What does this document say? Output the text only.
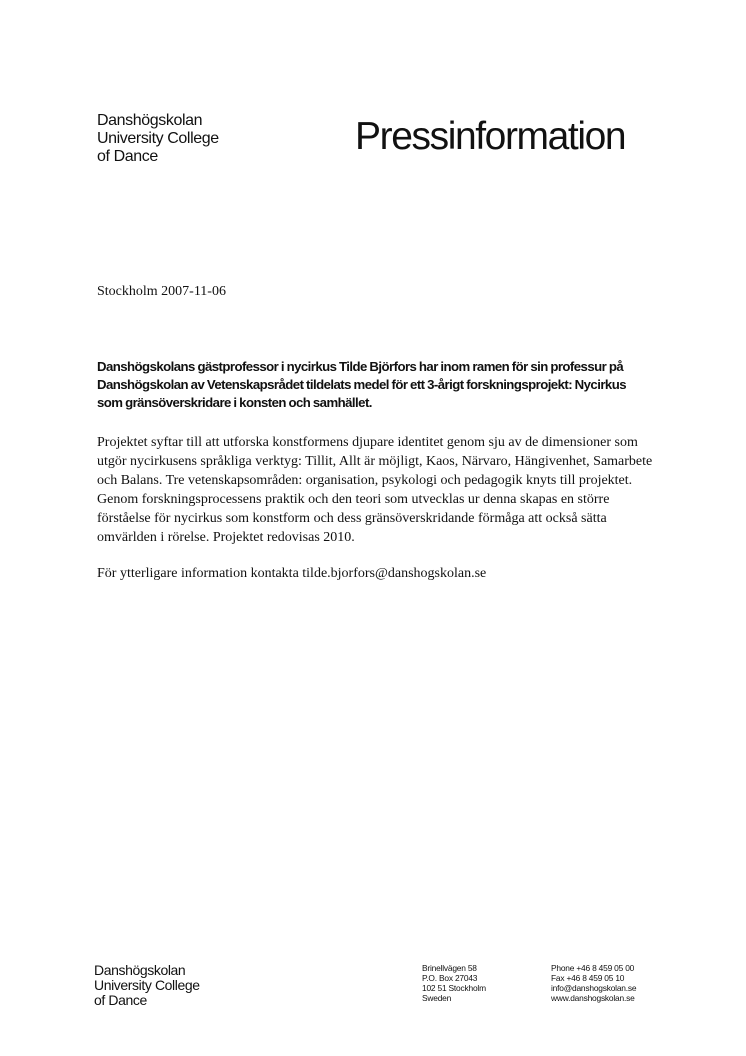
Danshögskolan
University College
of Dance	Pressinformation
Stockholm 2007-11-06
Danshögskolans gästprofessor i nycirkus Tilde Björfors har inom ramen för sin professur på Danshögskolan av Vetenskapsrådet tildelats medel för ett 3-årigt forskningsprojekt: Nycirkus som gränsöverskridare i konsten och samhället.

Projektet syftar till att utforska konstformens djupare identitet genom sju av de dimensioner som utgör nycirkusens språkliga verktyg: Tillit, Allt är möjligt, Kaos, Närvaro, Hängivenhet, Samarbete och Balans. Tre vetenskapsområden: organisation, psykologi och pedagogik knyts till projektet. Genom forskningsprocessens praktik och den teori som utvecklas ur denna skapas en större förståelse för nycirkus som konstform och dess gränsöverskridande förmåga att också sätta omvärlden i rörelse. Projektet redovisas 2010.

För ytterligare information kontakta tilde.bjorfors@danshogskolan.se
Danshögskolan
University College
of Dance
Brinellvägen 58
P.O. Box 27043
102 51 Stockholm
Sweden
Phone +46 8 459 05 00
Fax +46 8 459 05 10
info@danshogskolan.se
www.danshogskolan.se
